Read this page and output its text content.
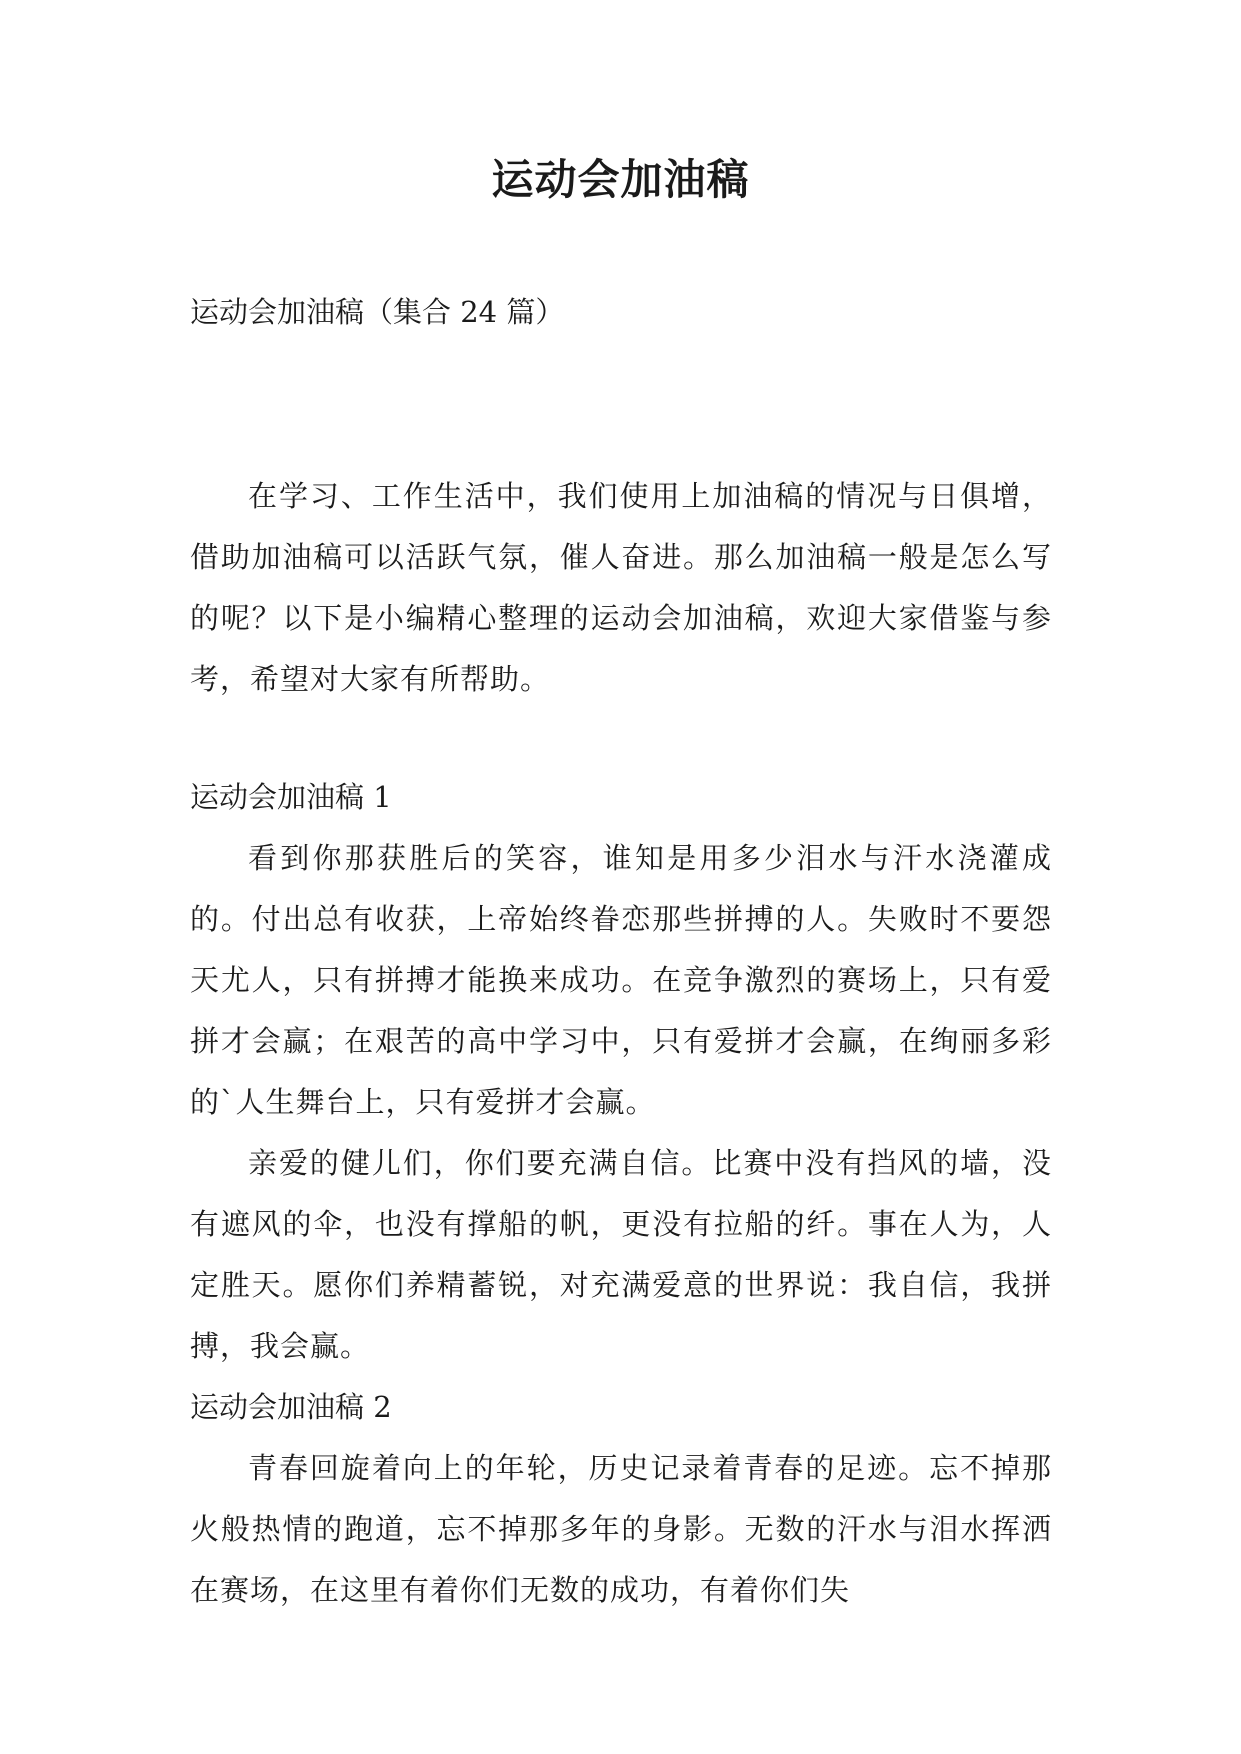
运动会加油稿

运动会加油稿（集合 24 篇）

在学习、工作生活中，我们使用上加油稿的情况与日俱增，借助加油稿可以活跃气氛，催人奋进。那么加油稿一般是怎么写的呢？以下是小编精心整理的运动会加油稿，欢迎大家借鉴与参考，希望对大家有所帮助。

运动会加油稿 1

看到你那获胜后的笑容，谁知是用多少泪水与汗水浇灌成的。付出总有收获，上帝始终眷恋那些拼搏的人。失败时不要怨天尤人，只有拼搏才能换来成功。在竞争激烈的赛场上，只有爱拼才会赢；在艰苦的高中学习中，只有爱拼才会赢，在绚丽多彩的`人生舞台上，只有爱拼才会赢。

亲爱的健儿们，你们要充满自信。比赛中没有挡风的墙，没有遮风的伞，也没有撑船的帆，更没有拉船的纤。事在人为，人定胜天。愿你们养精蓄锐，对充满爱意的世界说：我自信，我拼搏，我会赢。

运动会加油稿 2

青春回旋着向上的年轮，历史记录着青春的足迹。忘不掉那火般热情的跑道，忘不掉那多年的身影。无数的汗水与泪水挥洒在赛场，在这里有着你们无数的成功，有着你们失
